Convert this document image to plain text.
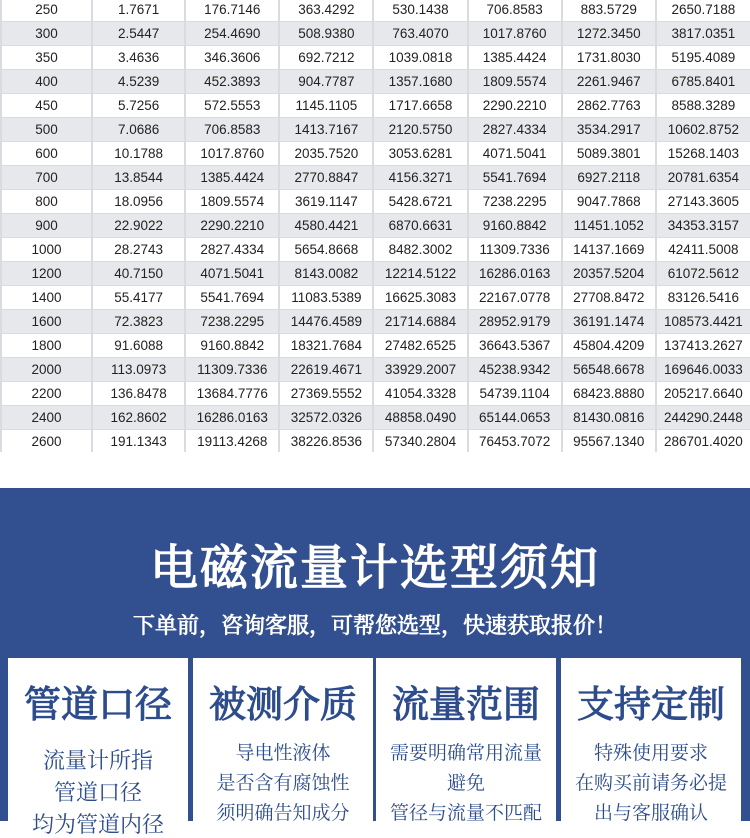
250	1.7671	176.7146	363.4292	530.1438	706.8583	883.5729	2650.7188
300	2.5447	254.4690	508.9380	763.4070	1017.8760	1272.3450	3817.0351
350	3.4636	346.3606	692.7212	1039.0818	1385.4424	1731.8030	5195.4089
400	4.5239	452.3893	904.7787	1357.1680	1809.5574	2261.9467	6785.8401
450	5.7256	572.5553	1145.1105	1717.6658	2290.2210	2862.7763	8588.3289
500	7.0686	706.8583	1413.7167	2120.5750	2827.4334	3534.2917	10602.8752
600	10.1788	1017.8760	2035.7520	3053.6281	4071.5041	5089.3801	15268.1403
700	13.8544	1385.4424	2770.8847	4156.3271	5541.7694	6927.2118	20781.6354
800	18.0956	1809.5574	3619.1147	5428.6721	7238.2295	9047.7868	27143.3605
900	22.9022	2290.2210	4580.4421	6870.6631	9160.8842	11451.1052	34353.3157
1000	28.2743	2827.4334	5654.8668	8482.3002	11309.7336	14137.1669	42411.5008
1200	40.7150	4071.5041	8143.0082	12214.5122	16286.0163	20357.5204	61072.5612
1400	55.4177	5541.7694	11083.5389	16625.3083	22167.0778	27708.8472	83126.5416
1600	72.3823	7238.2295	14476.4589	21714.6884	28952.9179	36191.1474	108573.4421
1800	91.6088	9160.8842	18321.7684	27482.6525	36643.5367	45804.4209	137413.2627
2000	113.0973	11309.7336	22619.4671	33929.2007	45238.9342	56548.6678	169646.0033
2200	136.8478	13684.7776	27369.5552	41054.3328	54739.1104	68423.8880	205217.6640
2400	162.8602	16286.0163	32572.0326	48858.0490	65144.0653	81430.0816	244290.2448
2600	191.1343	19113.4268	38226.8536	57340.2804	76453.7072	95567.1340	286701.4020
电磁流量计选型须知
下单前，咨询客服，可帮您选型，快速获取报价！
管道口径
流量计所指
管道口径
均为管道内径
被测介质
导电性液体
是否含有腐蚀性
须明确告知成分
流量范围
需要明确常用流量
避免
管径与流量不匹配
支持定制
特殊使用要求
在购买前请务必提
出与客服确认
